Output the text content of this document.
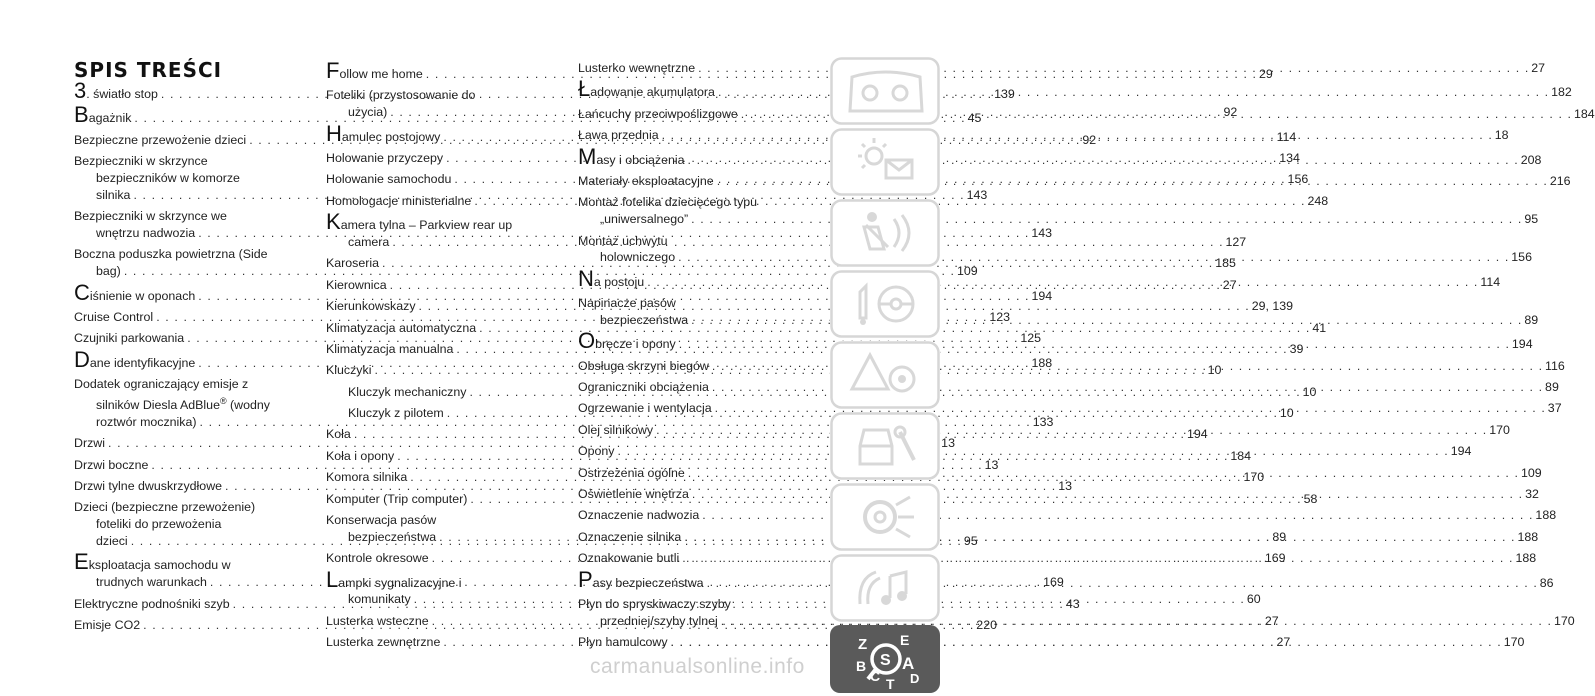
SPIS TREŚCI
3. światło stop . . .	139
Bagażnik . . .	45
Bezpieczne przewożenie dzieci . . .	92
Bezpieczniki w skrzynce
bezpieczników w komorze
silnika . . .	143
Bezpieczniki w skrzynce we
wnętrzu nadwozia . . .	143
Boczna poduszka powietrzna (Side
bag) . . .	109
Ciśnienie w oponach . . .	194
Cruise Control . . .	123
Czujniki parkowania . . .	125
Dane identyfikacyjne . . .	188
Dodatek ograniczający emisje z
silników Diesla AdBlue® (wodny
roztwór mocznika) . . .	133
Drzwi . . .	13
Drzwi boczne . . .	13
Drzwi tylne dwuskrzydłowe . . .	13
Dzieci (bezpieczne przewożenie)
foteliki do przewożenia
dzieci . . .	95
Eksploatacja samochodu w
trudnych warunkach . . .	169
Elektryczne podnośniki szyb . . .	43
Emisje CO2 . . .	220
Follow me home . . .	29
Foteliki (przystosowanie do
użycia) . . .	92
Hamulec postojowy . . .	114
Holowanie przyczepy . . .	134
Holowanie samochodu . . .	156
Homologacje ministerialne . . .	248
Kamera tylna – Parkview rear up
camera . . .	127
Karoseria . . .	185
Kierownica . . .	27
Kierunkowskazy . . .	29, 139
Klimatyzacja automatyczna . . .	41
Klimatyzacja manualna . . .	39
Kluczyki . . .	10
Kluczyk mechaniczny . . .	10
Kluczyk z pilotem . . .	10
Koła . . .	194
Koła i opony . . .	184
Komora silnika . . .	170
Komputer (Trip computer) . . .	58
Konserwacja pasów
bezpieczeństwa . . .	89
Kontrole okresowe . . .	169
Lampki sygnalizacyjne i
komunikaty . . .	60
Lusterka wsteczne . . .	27
Lusterka zewnętrzne . . .	27
Lusterko wewnętrzne . . .	27
Ładowanie akumulatora . . .	182
Łańcuchy przeciwpoślizgowe . . .	184
Ława przednia . . .	18
Masy i obciążenia . . .	208
Materiały eksploatacyjne . . .	216
Montaż fotelika dziecięcego typu
„uniwersalnego” . . .	95
Montaż uchwytu
holowniczego . . .	156
Na postoju . . .	114
Napinacze pasów
bezpieczeństwa . . .	89
Obręcze i opony . . .	194
Obsługa skrzyni biegów . . .	116
Ograniczniki obciążenia . . .	89
Ogrzewanie i wentylacja . . .	37
Olej silnikowy . . .	170
Opony . . .	194
Ostrzeżenia ogólne . . .	109
Oświetlenie wnętrza . . .	32
Oznaczenie nadwozia . . .	188
Oznaczenie silnika . . .	188
Oznakowanie butli . . .	188
Pasy bezpieczeństwa . . .	86
Płyn do spryskiwaczy szyby
przedniej/szyby tylnej . . .	170
Płyn hamulcowy . . .	170
Z E
S A
B
C D
T
carmanualsonline.info
